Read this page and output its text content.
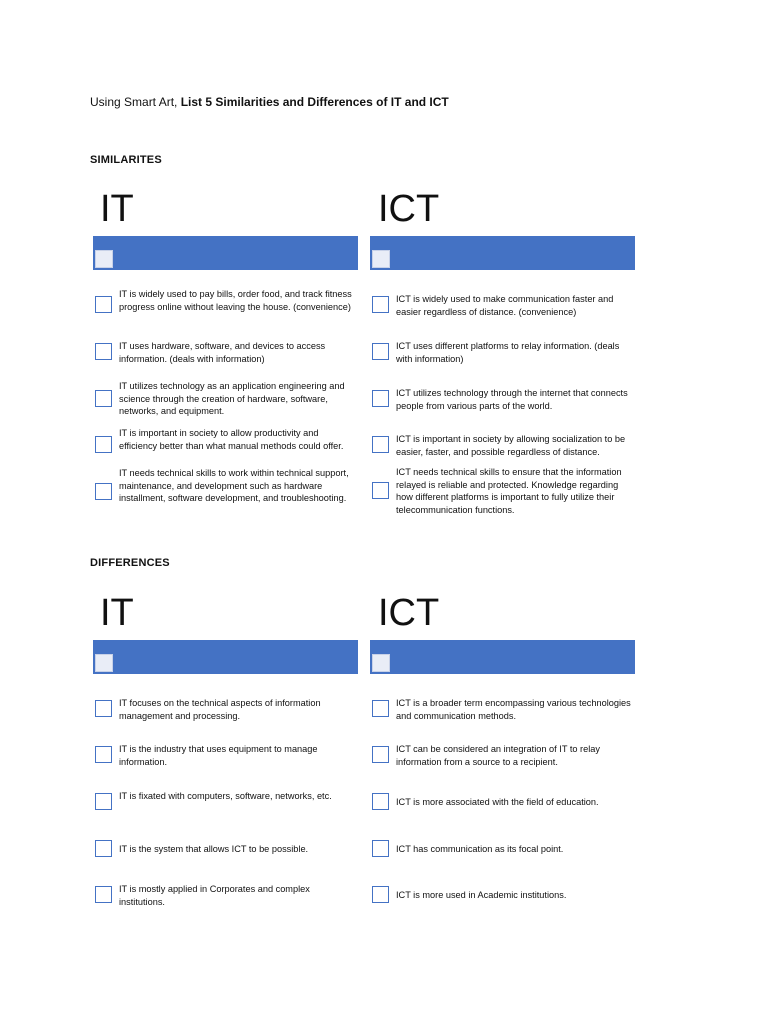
Using Smart Art, List 5 Similarities and Differences of IT and ICT
SIMILARITES
IT	ICT
IT is widely used to pay bills, order food, and track fitness progress online without leaving the house. (convenience)
IT uses hardware, software, and devices to access information. (deals with information)
IT utilizes technology as an application engineering and science through the creation of hardware, software, networks, and equipment.
IT is important in society to allow productivity and efficiency better than what manual methods could offer.
IT needs technical skills to work within technical support, maintenance, and development such as hardware installment, software development, and troubleshooting.
ICT is widely used to make communication faster and easier regardless of distance. (convenience)
ICT uses different platforms to relay information. (deals with information)
ICT utilizes technology through the internet that connects people from various parts of the world.
ICT is important in society by allowing socialization to be easier, faster, and possible regardless of distance.
ICT needs technical skills to ensure that the information relayed is reliable and protected. Knowledge regarding how different platforms is important to fully utilize their telecommunication functions.
DIFFERENCES
IT	ICT
IT focuses on the technical aspects of information management and processing.
IT is the industry that uses equipment to manage information.
IT is fixated with computers, software, networks, etc.
IT is the system that allows ICT to be possible.
IT is mostly applied in Corporates and complex institutions.
ICT is a broader term encompassing various technologies and communication methods.
ICT can be considered an integration of IT to relay information from a source to a recipient.
ICT is more associated with the field of education.
ICT has communication as its focal point.
ICT is more used in Academic institutions.
